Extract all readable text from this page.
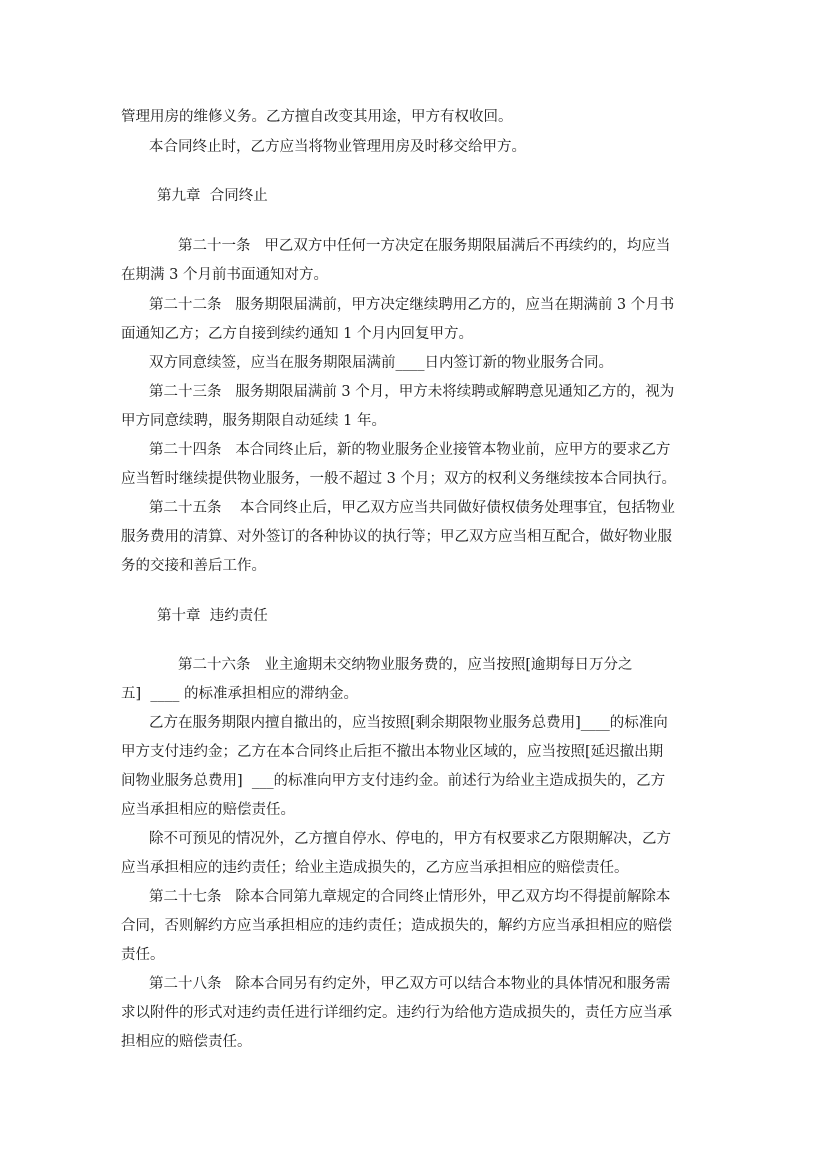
管理用房的维修义务。乙方擅自改变其用途，甲方有权收回。
本合同终止时，乙方应当将物业管理用房及时移交给甲方。
第九章  合同终止
第二十一条   甲乙双方中任何一方决定在服务期限届满后不再续约的，均应当
在期满 3 个月前书面通知对方。
第二十二条   服务期限届满前，甲方决定继续聘用乙方的，应当在期满前 3 个月书
面通知乙方；乙方自接到续约通知 1 个月内回复甲方。
双方同意续签，应当在服务期限届满前____日内签订新的物业服务合同。
第二十三条   服务期限届满前 3 个月，甲方未将续聘或解聘意见通知乙方的，视为
甲方同意续聘，服务期限自动延续 1 年。
第二十四条   本合同终止后，新的物业服务企业接管本物业前，应甲方的要求乙方
应当暂时继续提供物业服务，一般不超过 3 个月；双方的权利义务继续按本合同执行。
第二十五条    本合同终止后，甲乙双方应当共同做好债权债务处理事宜，包括物业
服务费用的清算、对外签订的各种协议的执行等；甲乙双方应当相互配合，做好物业服
务的交接和善后工作。
第十章  违约责任
第二十六条   业主逾期未交纳物业服务费的，应当按照[逾期每日万分之
五]  ____ 的标准承担相应的滞纳金。
乙方在服务期限内擅自撤出的，应当按照[剩余期限物业服务总费用]____的标准向
甲方支付违约金；乙方在本合同终止后拒不撤出本物业区域的，应当按照[延迟撤出期
间物业服务总费用]  ___的标准向甲方支付违约金。前述行为给业主造成损失的，乙方
应当承担相应的赔偿责任。
除不可预见的情况外，乙方擅自停水、停电的，甲方有权要求乙方限期解决，乙方
应当承担相应的违约责任；给业主造成损失的，乙方应当承担相应的赔偿责任。
第二十七条   除本合同第九章规定的合同终止情形外，甲乙双方均不得提前解除本
合同，否则解约方应当承担相应的违约责任；造成损失的，解约方应当承担相应的赔偿
责任。
第二十八条   除本合同另有约定外，甲乙双方可以结合本物业的具体情况和服务需
求以附件的形式对违约责任进行详细约定。违约行为给他方造成损失的，责任方应当承
担相应的赔偿责任。
